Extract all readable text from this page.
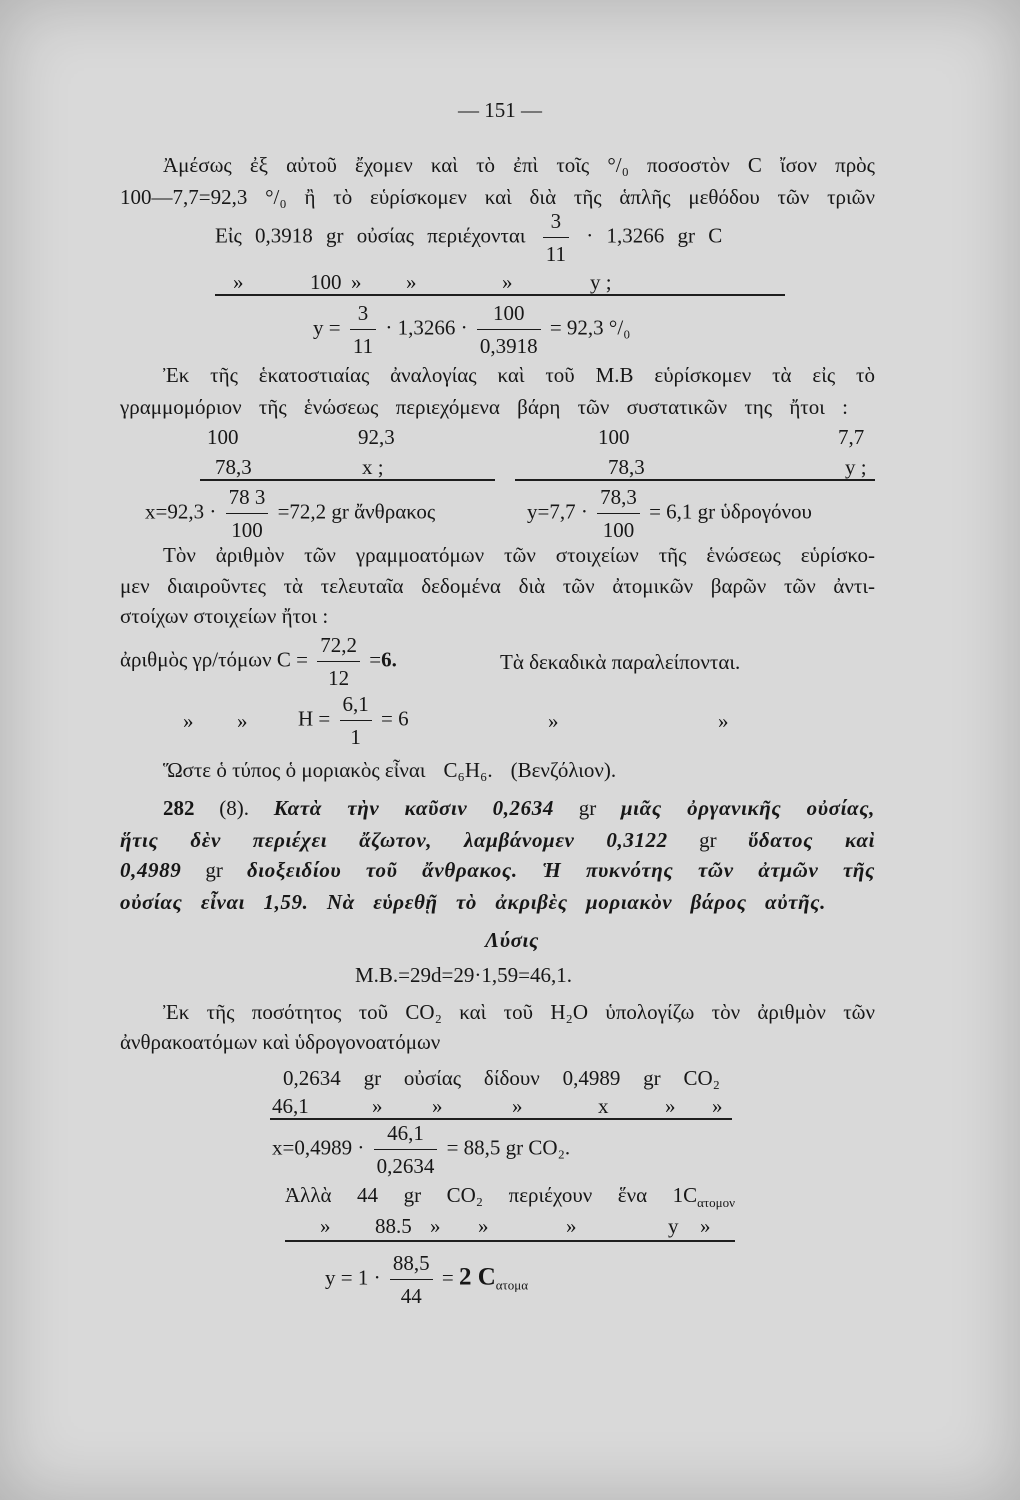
— 151 —
Ἀμέσως ἐξ αὐτοῦ ἔχομεν καὶ τὸ ἐπὶ τοῖς °/₀ ποσοστὸν C ἴσον πρὸς
100—7,7=92,3 °/₀ ἢ τὸ εὑρίσκομεν καὶ διὰ τῆς ἁπλῆς μεθόδου τῶν τριῶν
Εἰς 0,3918 gr οὐσίας περιέχονται $\frac{3}{11} \cdot 1,3266$ gr C
»	100 » »	»	y ;
$y = \frac{3}{11} \cdot 1,3266 \cdot \frac{100}{0,3918} = 92,3$ °/₀
Ἐκ τῆς ἑκατοστιαίας ἀναλογίας καὶ τοῦ Μ.Β εὑρίσκομεν τὰ εἰς τὸ
γραμμομόριον τῆς ἑνώσεως περιεχόμενα βάρη τῶν συστατικῶν της ἤτοι :
100	92,3	100	7,7
78,3	x ;	78,3	y ;
$x=92,3 \cdot \frac{78 3}{100} =72,2$ gr ἄνθρακος	$y=7,7 \cdot \frac{78,3}{100} = 6,1$ gr ὑδρογόνου
Τὸν ἀριθμὸν τῶν γραμμοατόμων τῶν στοιχείων τῆς ἑνώσεως εὑρίσκο-
μεν διαιροῦντες τὰ τελευταῖα δεδομένα διὰ τῶν ἀτομικῶν βαρῶν τῶν ἀντι-
στοίχων στοιχείων ἤτοι :
ἀριθμὸς γρ/τόμων $C = \frac{72,2}{12} =6$.	Τὰ δεκαδικὰ παραλείπονται.
» » $H = \frac{6,1}{1} = 6$	»	»
Ὥστε ὁ τύπος ὁ μοριακὸς εἶναι C₆H₆. (Βενζόλιον).
282 (8). Κατὰ τὴν καῦσιν 0,2634 gr μιᾶς ὀργανικῆς οὐσίας,
ἥτις δὲν περιέχει ἄζωτον, λαμβάνομεν 0,3122 gr ὕδατος καὶ
0,4989 gr διοξειδίου τοῦ ἄνθρακος. Ἡ πυκνότης τῶν ἀτμῶν τῆς
οὐσίας εἶναι 1,59. Νὰ εὑρεθῇ τὸ ἀκριβὲς μοριακὸν βάρος αὐτῆς.
Λύσις
Μ.Β.=29d=29·1,59=46,1.
Ἐκ τῆς ποσότητος τοῦ CO₂ καὶ τοῦ H₂O ὑπολογίζω τὸν ἀριθμὸν τῶν
ἀνθρακοατόμων καὶ ὑδρογονοατόμων
0,2634 gr οὐσίας δίδουν 0,4989 gr CO₂
46,1	» »	»	x	» »
$x=0,4989 \cdot \frac{46,1}{0,2634} = 88,5$ gr CO₂.
Ἀλλὰ 44 gr CO₂ περιέχουν ἕνα $1C_{\alpha\tau o\mu o\nu}$
» 88.5 » »	»	y »
$y = 1 \cdot \frac{88,5}{44} = 2$ $C_{\alpha\tau o\mu\alpha}$
